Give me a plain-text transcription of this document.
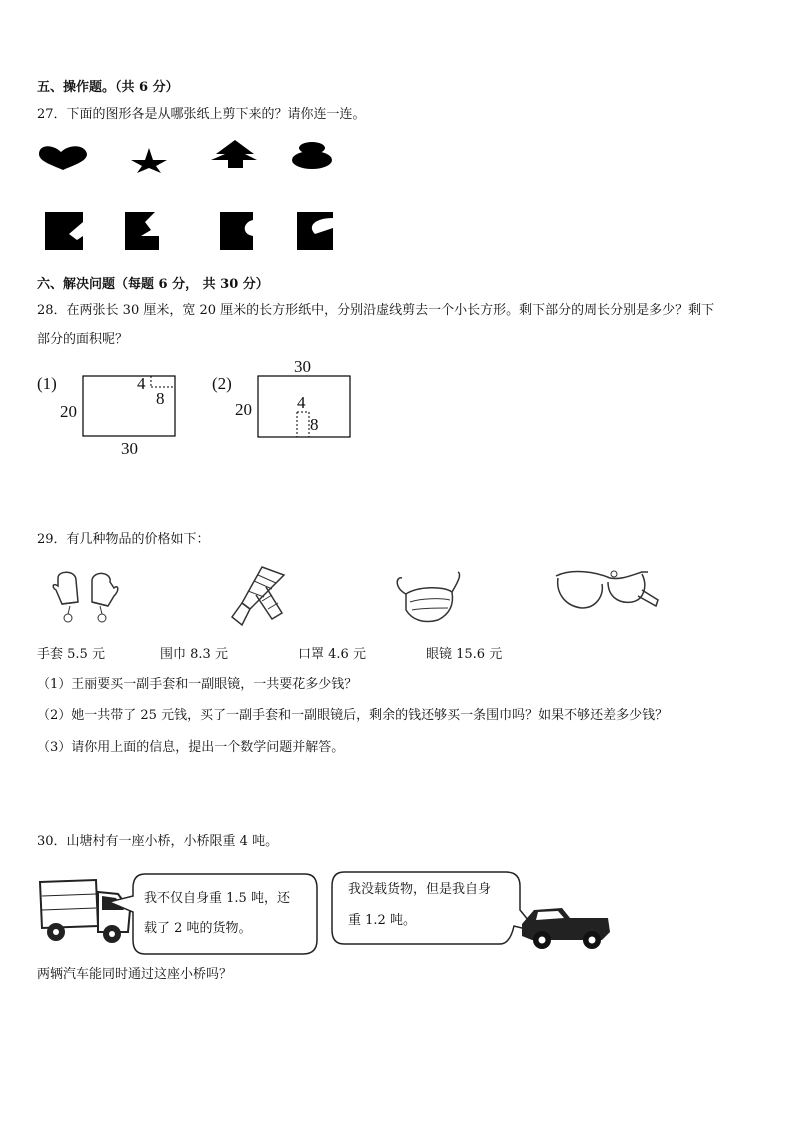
五、操作题。（共 6 分）
27．下面的图形各是从哪张纸上剪下来的？请你连一连。
六、解决问题（每题 6 分， 共 30 分）
28．在两张长 30 厘米，宽 20 厘米的长方形纸中，分别沿虚线剪去一个小长方形。剩下部分的周长分别是多少？剩下
部分的面积呢？
(1)
20
30
4
8
(2)
30
20	4
8
29．有几种物品的价格如下：
手套 5.5 元	围巾 8.3 元	口罩 4.6 元	眼镜 15.6 元
（1）王丽要买一副手套和一副眼镜，一共要花多少钱？
（2）她一共带了 25 元钱，买了一副手套和一副眼镜后，剩余的钱还够买一条围巾吗？如果不够还差多少钱？
（3）请你用上面的信息，提出一个数学问题并解答。
30．山塘村有一座小桥，小桥限重 4 吨。
我不仅自身重 1.5 吨，还
载了 2 吨的货物。
我没载货物，但是我自身
重 1.2 吨。
两辆汽车能同时通过这座小桥吗？
